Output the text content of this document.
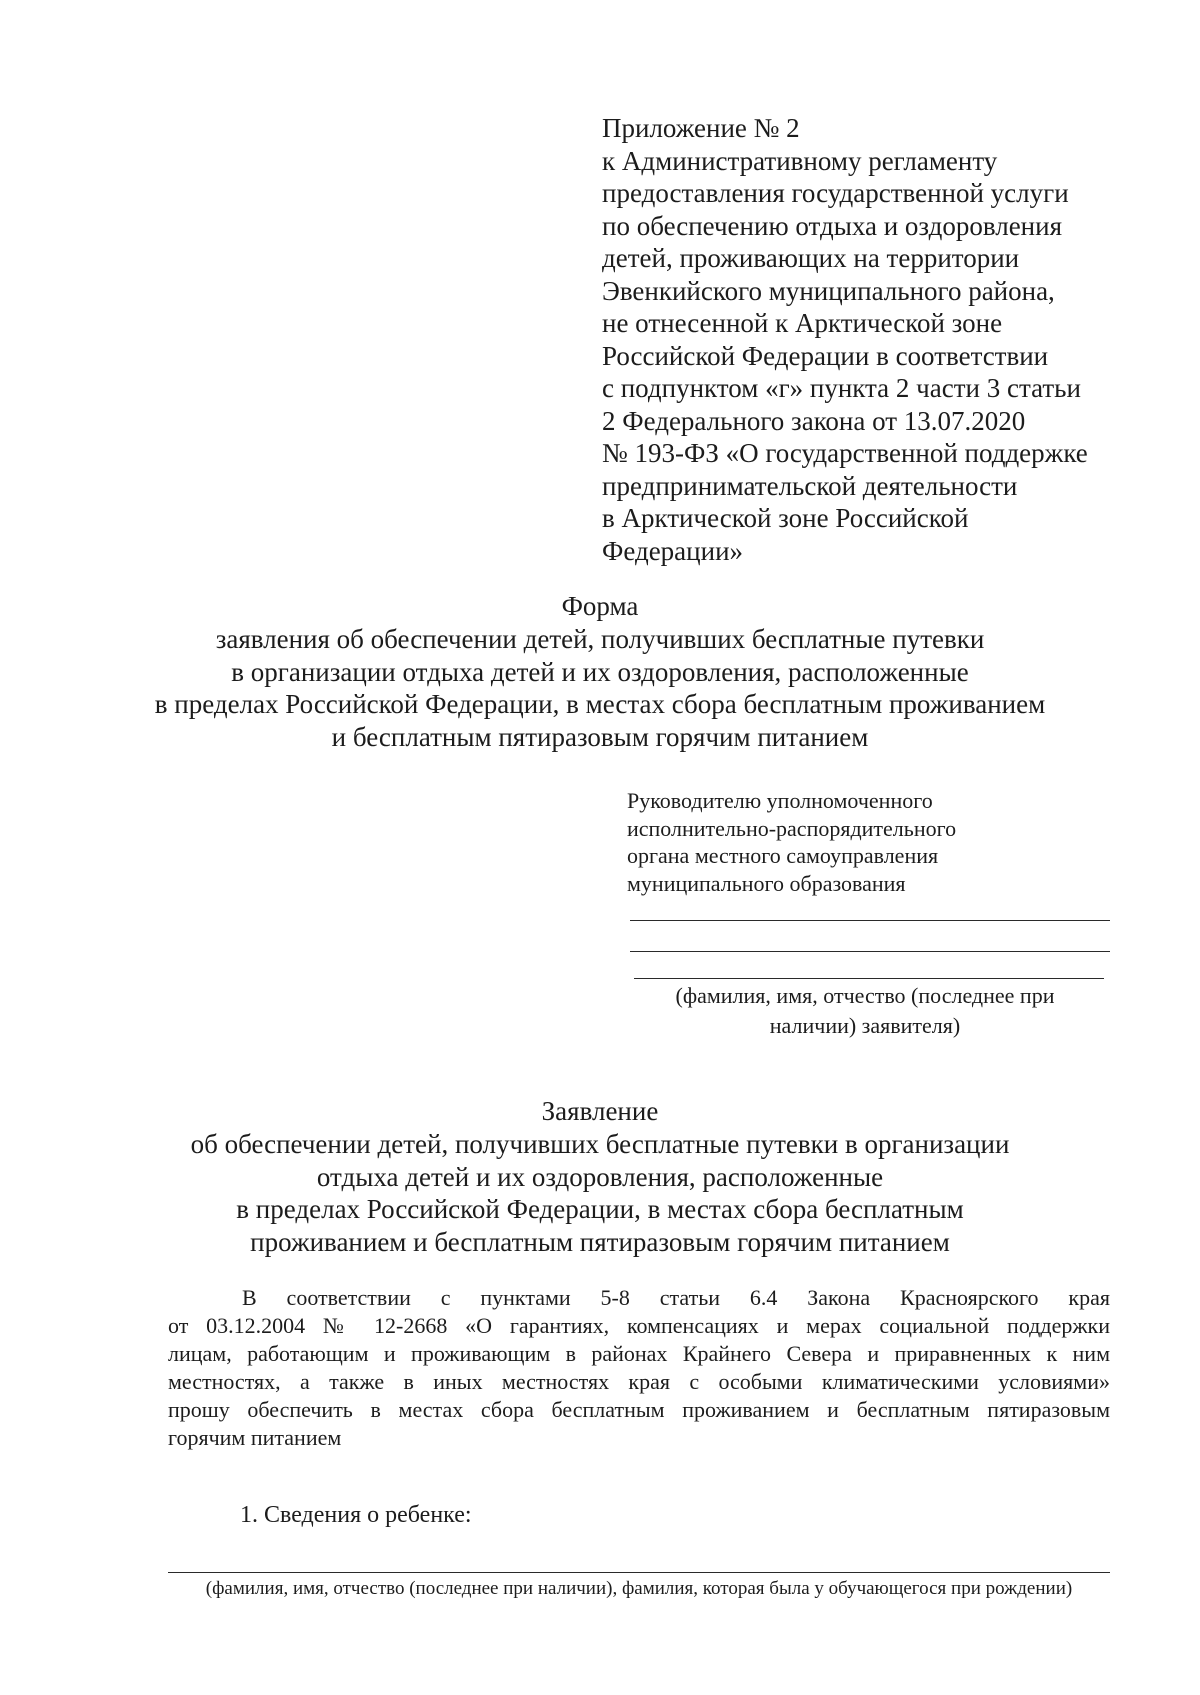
Приложение № 2
к Административному регламенту
предоставления государственной услуги
по обеспечению отдыха и оздоровления
детей, проживающих на территории
Эвенкийского муниципального района,
не отнесенной к Арктической зоне
Российской Федерации в соответствии
с подпунктом «г» пункта 2 части 3 статьи
2 Федерального закона от 13.07.2020
№ 193-ФЗ «О государственной поддержке
предпринимательской деятельности
в Арктической зоне Российской
Федерации»
Форма
заявления об обеспечении детей, получивших бесплатные путевки
в организации отдыха детей и их оздоровления, расположенные
в пределах Российской Федерации, в местах сбора бесплатным проживанием
и бесплатным пятиразовым горячим питанием
Руководителю уполномоченного
исполнительно-распорядительного
органа местного самоуправления
муниципального образования
(фамилия, имя, отчество (последнее при
наличии) заявителя)
Заявление
об обеспечении детей, получивших бесплатные путевки в организации
отдыха детей и их оздоровления, расположенные
в пределах Российской Федерации, в местах сбора бесплатным
проживанием и бесплатным пятиразовым горячим питанием
В соответствии с пунктами 5-8 статьи 6.4 Закона Красноярского края
от 03.12.2004 № 12-2668 «О гарантиях, компенсациях и мерах социальной поддержки
лицам, работающим и проживающим в районах Крайнего Севера и приравненных к ним
местностях, а также в иных местностях края с особыми климатическими условиями»
прошу обеспечить в местах сбора бесплатным проживанием и бесплатным пятиразовым
горячим питанием
1. Сведения о ребенке:
(фамилия, имя, отчество (последнее при наличии), фамилия, которая была у обучающегося при рождении)
